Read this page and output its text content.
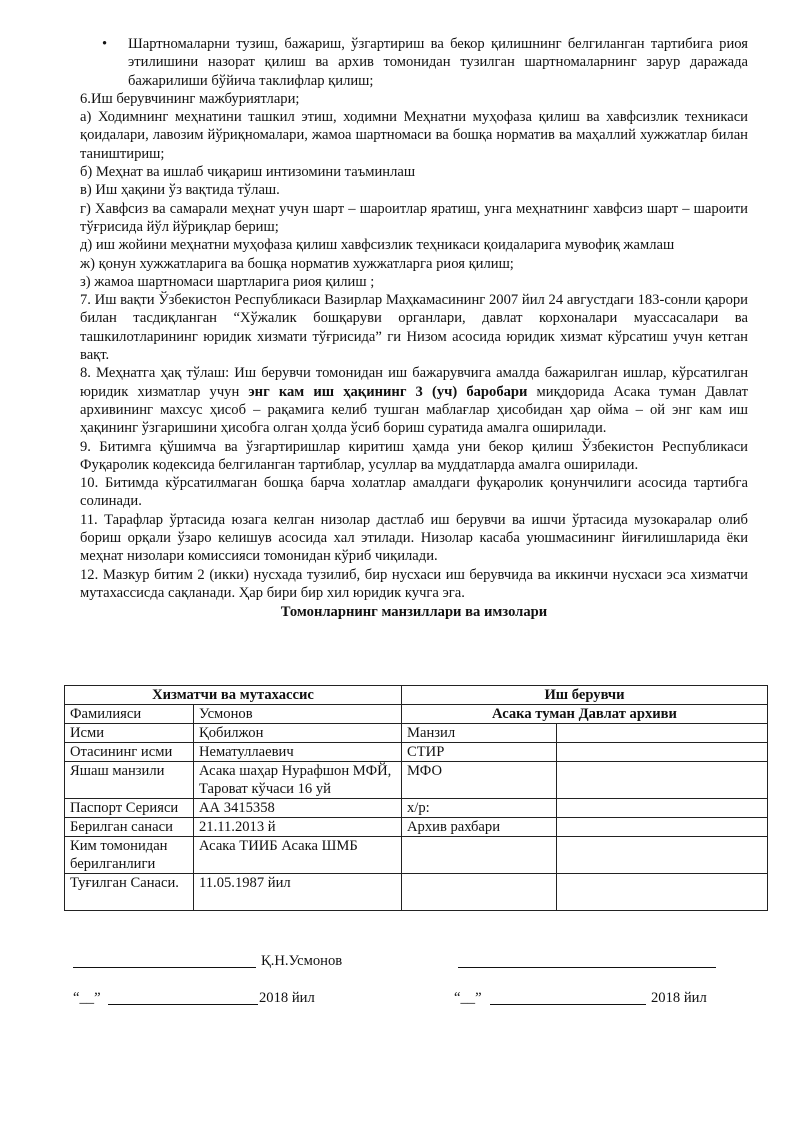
• Шартномаларни тузиш, бажариш, ўзгартириш ва бекор қилишнинг белгиланган тартибига риоя этилишини назорат қилиш ва архив томонидан тузилган шартномаларнинг зарур даражада бажарилиши бўйича таклифлар қилиш;
6.Иш берувчининг мажбуриятлари;
а) Ходимнинг меҳнатини ташкил этиш, ходимни Меҳнатни муҳофаза қилиш ва хавфсизлик техникаси қоидалари, лавозим йўриқномалари, жамоа шартномаси ва бошқа норматив ва маҳаллий хужжатлар билан таништириш;
б) Меҳнат ва ишлаб чиқариш интизомини таъминлаш
в) Иш ҳақини ўз вақтида тўлаш.
г) Хавфсиз ва самарали меҳнат учун шарт – шароитлар яратиш, унга меҳнатнинг хавфсиз шарт – шароити тўғрисида йўл йўриқлар бериш;
д) иш жойини меҳнатни муҳофаза қилиш хавфсизлик теҳникаси қоидаларига мувофиқ жамлаш
ж) қонун хужжатларига ва бошқа норматив хужжатларга риоя қилиш;
з) жамоа шартномаси шартларига риоя қилиш ;
7. Иш вақти Ўзбекистон Республикаси Вазирлар Маҳкамасининг 2007 йил 24 августдаги 183-сонли қарори билан тасдиқланган “Хўжалик бошқаруви органлари, давлат корхоналари муассасалари ва ташкилотларининг юридик хизмати тўғрисида” ги Низом асосида юридик хизмат кўрсатиш учун кетган вақт.
8. Меҳнатга ҳақ тўлаш: Иш берувчи томонидан иш бажарувчига амалда бажарилган ишлар, кўрсатилган юридик хизматлар учун энг кам иш ҳақининг 3 (уч) баробари миқдорида Асака туман Давлат архивининг махсус ҳисоб – рақамига келиб тушган маблағлар ҳисобидан ҳар ойма – ой энг кам иш ҳақининг ўзгаришини ҳисобга олган ҳолда ўсиб бориш суратида амалга оширилади.
9. Битимга қўшимча ва ўзгартиришлар киритиш ҳамда уни бекор қилиш Ўзбекистон Республикаси Фуқаролик кодексида белгиланган тартиблар, усуллар ва муддатларда амалга оширилади.
10. Битимда кўрсатилмаган бошқа барча холатлар амалдаги фуқаролик қонунчилиги асосида тартибга солинади.
11. Тарафлар ўртасида юзага келган низолар дастлаб иш берувчи ва ишчи ўртасида музокаралар олиб бориш орқали ўзаро келишув асосида хал этилади. Низолар касаба уюшмасининг йиғилишларида ёки меҳнат низолари комиссияси томонидан кўриб чиқилади.
12. Мазкур битим 2 (икки) нусхада тузилиб, бир нусхаси иш берувчида ва иккинчи нусхаси эса хизматчи мутахассисда сақланади. Ҳар бири бир хил юридик кучга эга.
Томонларнинг манзиллари ва имзолари
Хизматчи ва мутахассис		Иш берувчи	
Фамилияси	Усмонов	Асака туман Давлат архиви	
Исми	Қобилжон	Манзил	
Отасининг исми	Нематуллаевич	СТИР	
Яшаш манзили	Асака шаҳар Нурафшон МФЙ, Тароват кўчаси 16 уй	МФО	
Паспорт Серияси	АА 3415358	х/р:	
Берилган санаси	21.11.2013 й	Архив рахбари	
Ким томонидан берилганлиги	Асака ТИИБ Асака ШМБ		
Туғилган Санаси.	11.05.1987 йил		
Қ.Н.Усмонов
“__”	2018 йил	“__”	2018 йил
